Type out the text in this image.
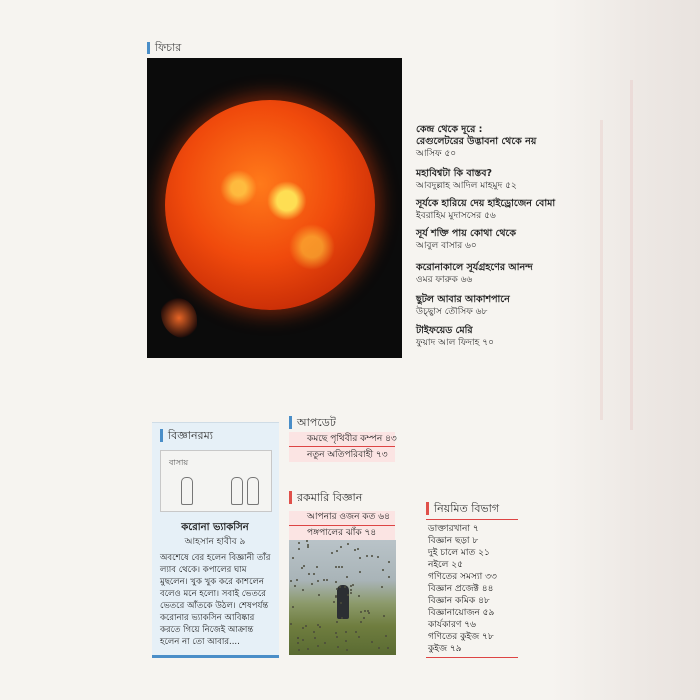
ফিচার
কেন্দ্র থেকে দূরে :
রেগুলেটরের উদ্ভাবনা থেকে নয়
আসিফ ৫০
মহাবিশ্বটা কি বাস্তব?
আবদুল্লাহ আদিল মাহমুদ ৫২
সূর্যকে হারিয়ে দেয় হাইড্রোজেন বোমা
ইবরাহিম মুদাসসের ৫৬
সূর্য শক্তি পায় কোথা থেকে
আবুল বাসার ৬০
করোনাকালে সূর্যগ্রহণের আনন্দ
ওমর ফারুক ৬৬
ছুটল আবার আকাশপানে
উচ্ছ্বাস তৌসিফ ৬৮
টাইফয়েড মেরি
ফুয়াদ আল ফিদাহ ৭০
বিজ্ঞানরম্য
বাসায়
করোনা ভ্যাকসিন
আহসান হাবীব ৯
অবশেষে বের হলেন বিজ্ঞানী তাঁর ল্যাব থেকে। কপালের ঘাম মুছলেন। খুক খুক করে কাশলেন বলেও মনে হলো। সবাই ভেতরে ভেতরে আঁতকে উঠল। শেষপর্যন্ত করোনার ভ্যাকসিন আবিষ্কার করতে গিয়ে নিজেই আক্রান্ত হলেন না তো আবার....
আপডেট
কমছে পৃথিবীর কম্পন ৪৩
নতুন অতিপরিবাহী ৭৩
রকমারি বিজ্ঞান
আপনার ওজন কত ৬৪
পঙ্গপালের ঝাঁক ৭৪
নিয়মিত বিভাগ
ডাক্তারখানা ৭
বিজ্ঞান ছড়া ৮
দুই চালে মাত ২১
নইলে ২৫
গণিতের সমস্যা ৩৩
বিজ্ঞান প্রজেক্ট ৪৪
বিজ্ঞান কমিক ৪৮
বিজ্ঞানায়োজন ৫৯
কার্যকারণ ৭৬
গণিতের কুইজ ৭৮
কুইজ ৭৯
